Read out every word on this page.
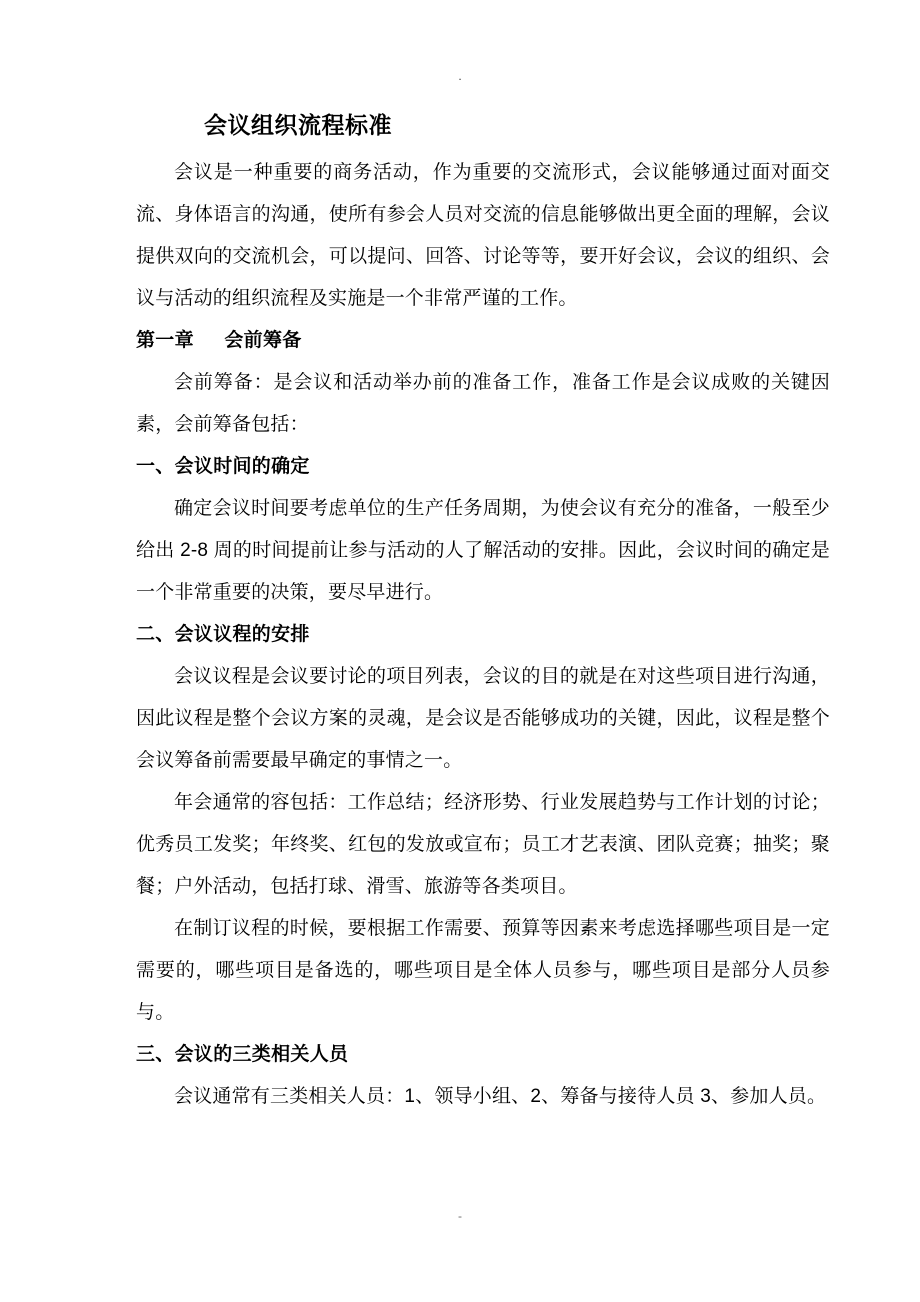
.
会议组织流程标准

会议是一种重要的商务活动，作为重要的交流形式，会议能够通过面对面交流、身体语言的沟通，使所有参会人员对交流的信息能够做出更全面的理解，会议提供双向的交流机会，可以提问、回答、讨论等等，要开好会议，会议的组织、会议与活动的组织流程及实施是一个非常严谨的工作。

第一章　  会前筹备

会前筹备：是会议和活动举办前的准备工作，准备工作是会议成败的关键因素，会前筹备包括：

一、会议时间的确定

确定会议时间要考虑单位的生产任务周期，为使会议有充分的准备，一般至少给出 2-8 周的时间提前让参与活动的人了解活动的安排。因此，会议时间的确定是一个非常重要的决策，要尽早进行。

二、会议议程的安排

会议议程是会议要讨论的项目列表，会议的目的就是在对这些项目进行沟通，因此议程是整个会议方案的灵魂，是会议是否能够成功的关键，因此，议程是整个会议筹备前需要最早确定的事情之一。

年会通常的容包括：工作总结；经济形势、行业发展趋势与工作计划的讨论；优秀员工发奖；年终奖、红包的发放或宣布；员工才艺表演、团队竞赛；抽奖；聚餐；户外活动，包括打球、滑雪、旅游等各类项目。

在制订议程的时候，要根据工作需要、预算等因素来考虑选择哪些项目是一定需要的，哪些项目是备选的，哪些项目是全体人员参与，哪些项目是部分人员参与。

三、会议的三类相关人员

会议通常有三类相关人员：1、领导小组、2、筹备与接待人员 3、参加人员。

-
